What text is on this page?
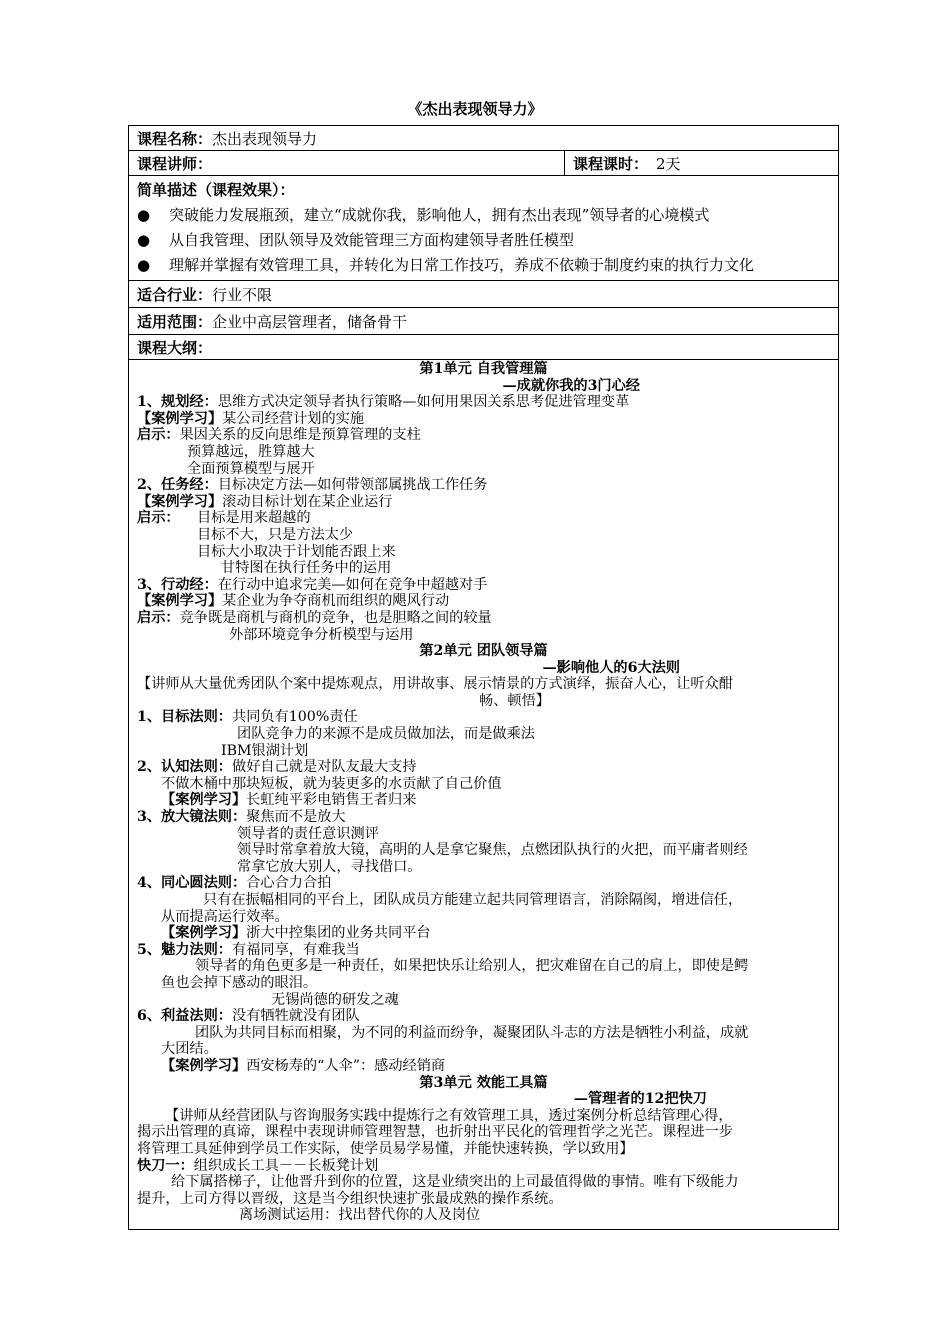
《杰出表现领导力》
课程名称：杰出表现领导力
课程讲师：	课程课时： 2天

简单描述（课程效果）：
● 突破能力发展瓶颈，建立“成就你我，影响他人，拥有杰出表现”领导者的心境模式
● 从自我管理、团队领导及效能管理三方面构建领导者胜任模型
● 理解并掌握有效管理工具，并转化为日常工作技巧，养成不依赖于制度约束的执行力文化

适合行业：行业不限
适用范围：企业中高层管理者，储备骨干
课程大纲：

第1单元 自我管理篇
—成就你我的3门心经
1、规划经：思维方式决定领导者执行策略—如何用果因关系思考促进管理变革
【案例学习】某公司经营计划的实施
启示：果因关系的反向思维是预算管理的支柱
预算越远，胜算越大
全面预算模型与展开
2、任务经：目标决定方法—如何带领部属挑战工作任务
【案例学习】滚动目标计划在某企业运行
启示： 目标是用来超越的
目标不大，只是方法太少
目标大小取决于计划能否跟上来
甘特图在执行任务中的运用
3、行动经：在行动中追求完美—如何在竞争中超越对手
【案例学习】某企业为争夺商机而组织的飓风行动
启示：竞争既是商机与商机的竞争，也是胆略之间的较量
外部环境竞争分析模型与运用
第2单元 团队领导篇
—影响他人的6大法则
【讲师从大量优秀团队个案中提炼观点，用讲故事、展示情景的方式演绎，振奋人心，让听众酣
畅、顿悟】
1、目标法则：共同负有100%责任
团队竞争力的来源不是成员做加法，而是做乘法
IBM银湖计划
2、认知法则：做好自己就是对队友最大支持
不做木桶中那块短板，就为装更多的水贡献了自己价值
【案例学习】长虹纯平彩电销售王者归来
3、放大镜法则：聚焦而不是放大
领导者的责任意识测评
领导时常拿着放大镜，高明的人是拿它聚焦，点燃团队执行的火把，而平庸者则经
常拿它放大别人，寻找借口。
4、同心圆法则：合心合力合拍
只有在振幅相同的平台上，团队成员方能建立起共同管理语言，消除隔阂，增进信任，
从而提高运行效率。
【案例学习】浙大中控集团的业务共同平台
5、魅力法则：有福同享，有难我当
领导者的角色更多是一种责任，如果把快乐让给别人，把灾难留在自己的肩上，即使是鳄
鱼也会掉下感动的眼泪。
无锡尚德的研发之魂
6、利益法则：没有牺牲就没有团队
团队为共同目标而相聚，为不同的利益而纷争，凝聚团队斗志的方法是牺牲小利益，成就
大团结。
【案例学习】西安杨寿的“人伞”：感动经销商
第3单元 效能工具篇
—管理者的12把快刀
【讲师从经营团队与咨询服务实践中提炼行之有效管理工具，透过案例分析总结管理心得，
揭示出管理的真谛，课程中表现讲师管理智慧，也折射出平民化的管理哲学之光芒。课程进一步
将管理工具延伸到学员工作实际，使学员易学易懂，并能快速转换，学以致用】
快刀一：组织成长工具－－长板凳计划
给下属搭梯子，让他晋升到你的位置，这是业绩突出的上司最值得做的事情。唯有下级能力
提升，上司方得以晋级，这是当今组织快速扩张最成熟的操作系统。
离场测试运用：找出替代你的人及岗位
